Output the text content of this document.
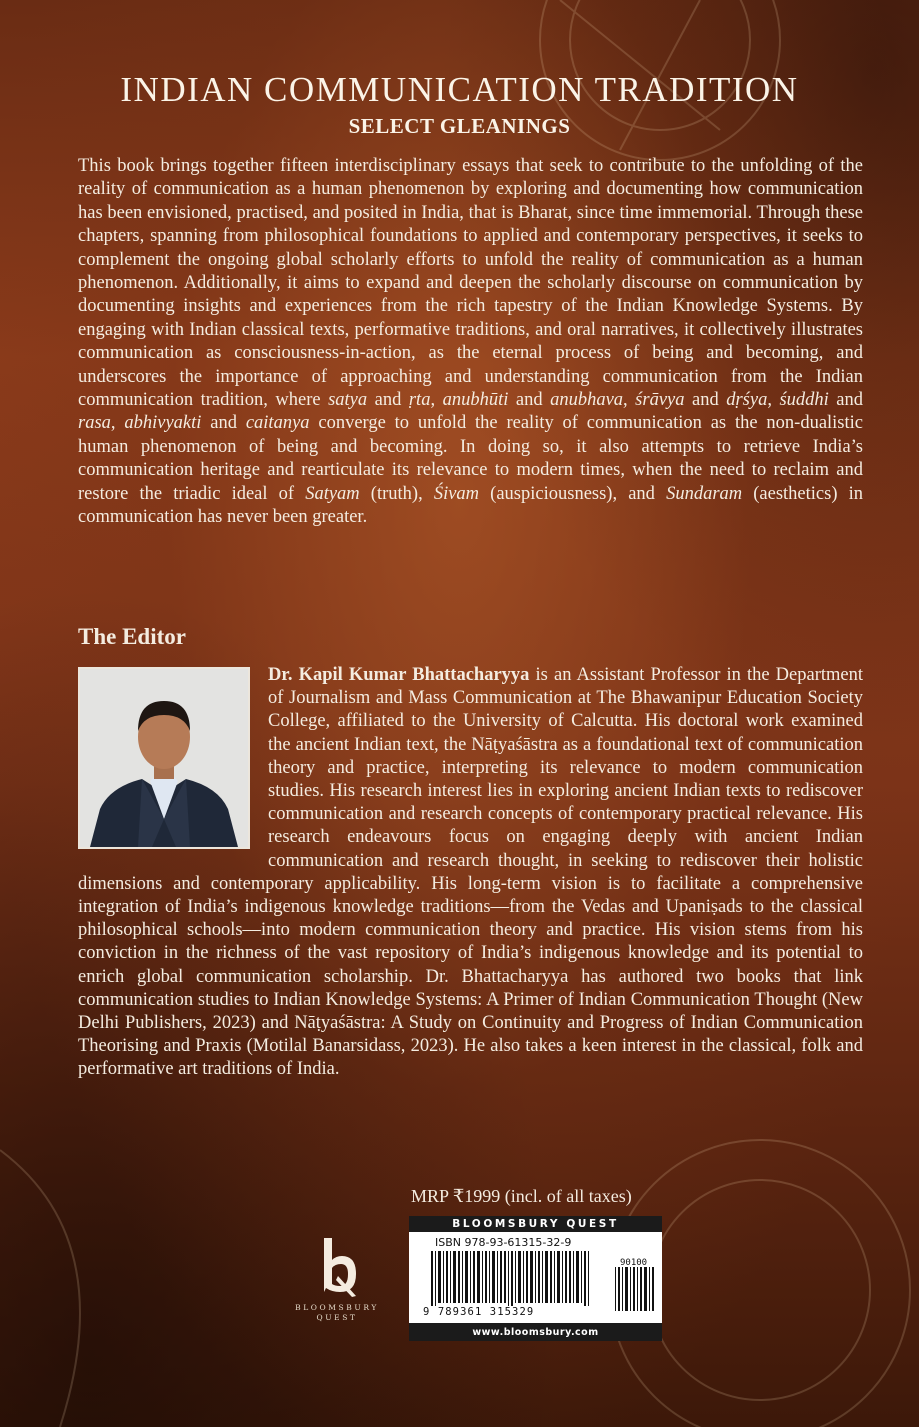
INDIAN COMMUNICATION TRADITION
SELECT GLEANINGS

This book brings together fifteen interdisciplinary essays that seek to contribute to the unfolding of the reality of communication as a human phenomenon by exploring and documenting how communication has been envisioned, practised, and posited in India, that is Bharat, since time immemorial. Through these chapters, spanning from philosophical foundations to applied and contemporary perspectives, it seeks to complement the ongoing global scholarly efforts to unfold the reality of communication as a human phenomenon. Additionally, it aims to expand and deepen the scholarly discourse on communication by documenting insights and experiences from the rich tapestry of the Indian Knowledge Systems. By engaging with Indian classical texts, performative traditions, and oral narratives, it collectively illustrates communication as consciousness-in-action, as the eternal process of being and becoming, and underscores the importance of approaching and understanding communication from the Indian communication tradition, where satya and ṛta, anubhūti and anubhava, śrāvya and dṛśya, śuddhi and rasa, abhivyakti and caitanya converge to unfold the reality of communication as the non-dualistic human phenomenon of being and becoming. In doing so, it also attempts to retrieve India’s communication heritage and rearticulate its relevance to modern times, when the need to reclaim and restore the triadic ideal of Satyam (truth), Śivam (auspiciousness), and Sundaram (aesthetics) in communication has never been greater.

The Editor

Dr. Kapil Kumar Bhattacharyya is an Assistant Professor in the Department of Journalism and Mass Communication at The Bhawanipur Education Society College, affiliated to the University of Calcutta. His doctoral work examined the ancient Indian text, the Nāṭyaśāstra as a foundational text of communication theory and practice, interpreting its relevance to modern communication studies. His research interest lies in exploring ancient Indian texts to rediscover communication and research concepts of contemporary practical relevance. His research endeavours focus on engaging deeply with ancient Indian communication and research thought, in seeking to rediscover their holistic dimensions and contemporary applicability. His long-term vision is to facilitate a comprehensive integration of India’s indigenous knowledge traditions—from the Vedas and Upaniṣads to the classical philosophical schools—into modern communication theory and practice. His vision stems from his conviction in the richness of the vast repository of India’s indigenous knowledge and its potential to enrich global communication scholarship. Dr. Bhattacharyya has authored two books that link communication studies to Indian Knowledge Systems: A Primer of Indian Communication Thought (New Delhi Publishers, 2023) and Nāṭyaśāstra: A Study on Continuity and Progress of Indian Communication Theorising and Praxis (Motilal Banarsidass, 2023). He also takes a keen interest in the classical, folk and performative art traditions of India.

MRP ₹1999 (incl. of all taxes)
BLOOMSBURY QUEST
ISBN 978-93-61315-32-9
90100
9 789361 315329
www.bloomsbury.com
BLOOMSBURY
QUEST
